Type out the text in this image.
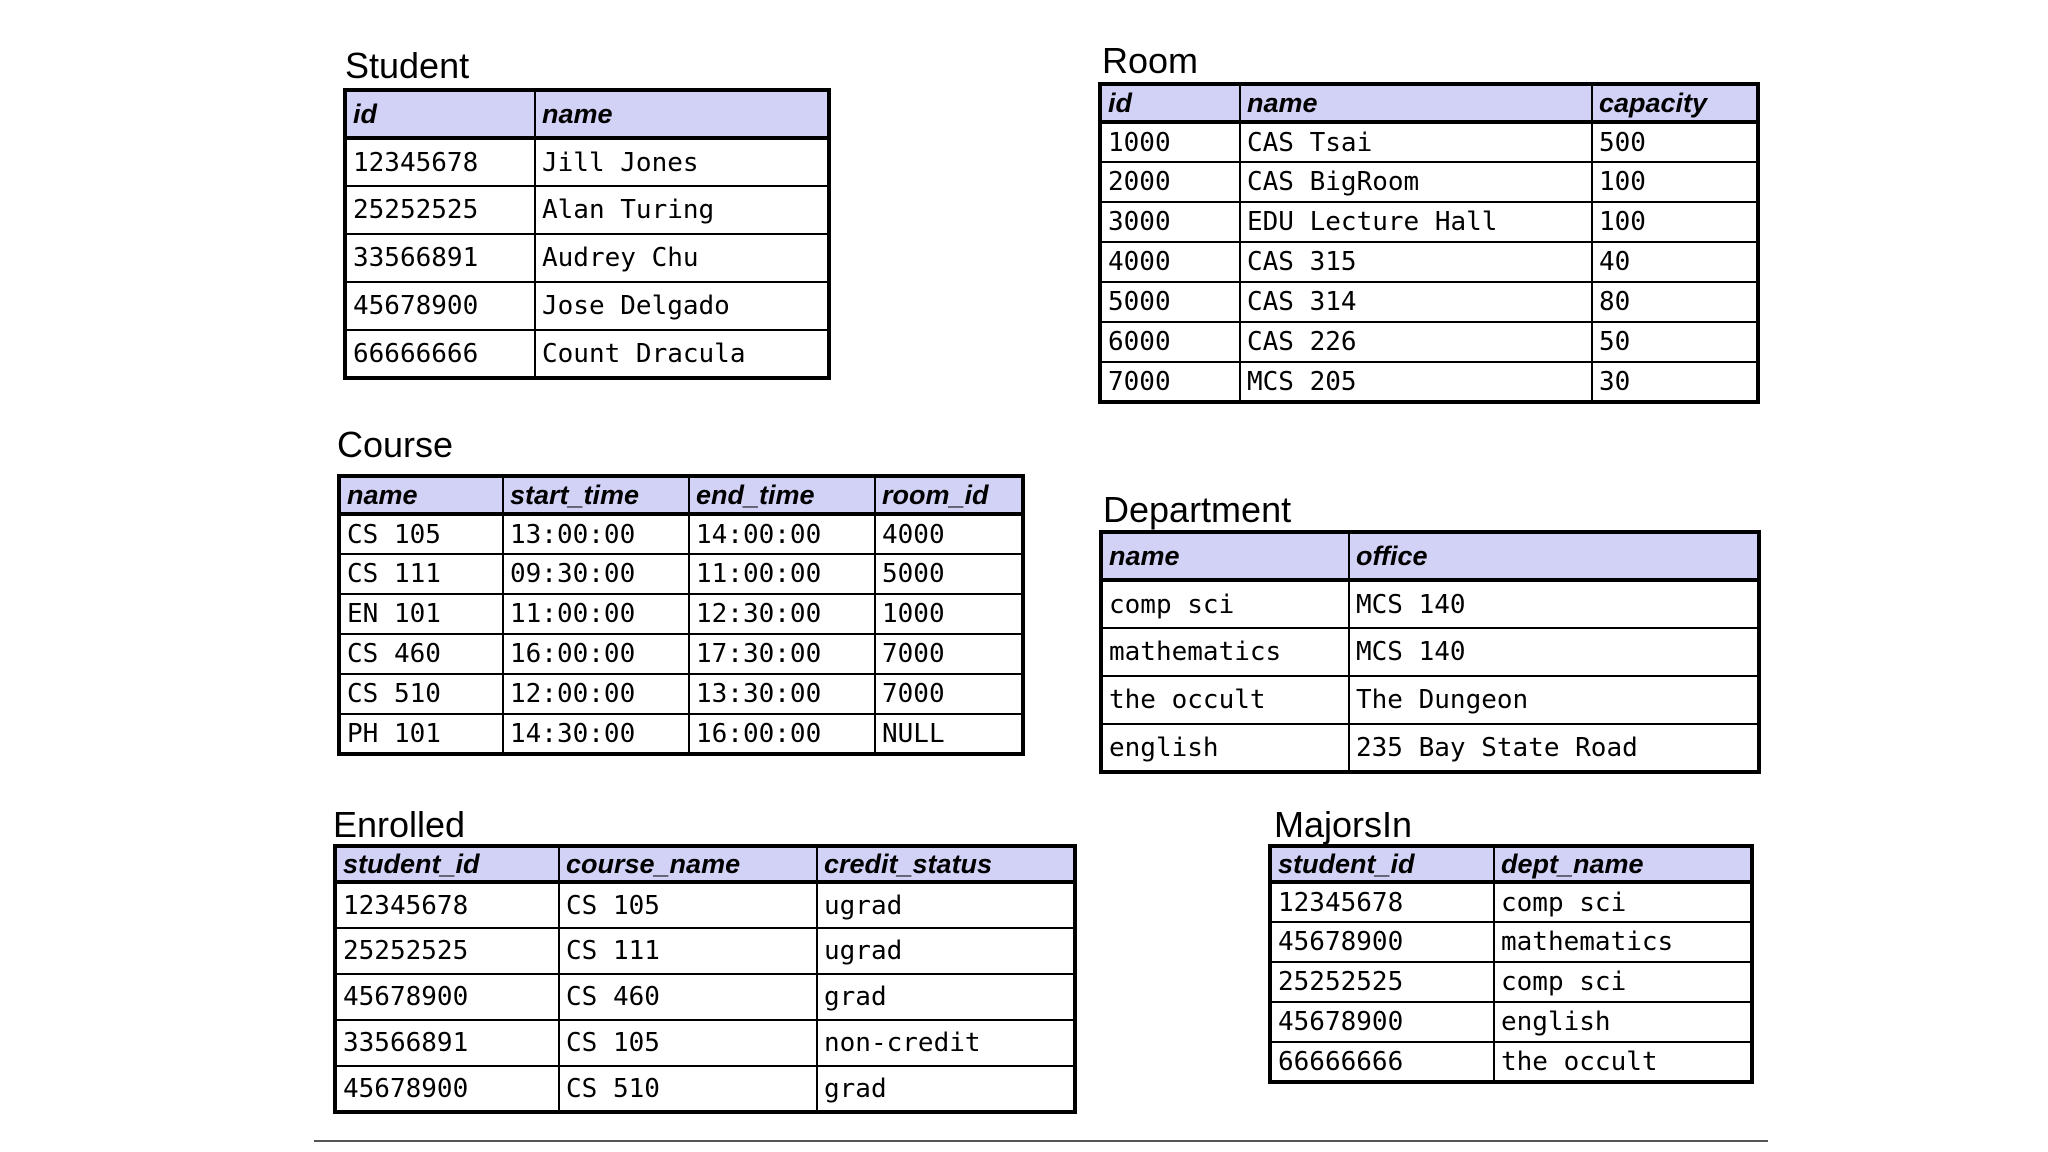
Student
id	name
12345678	Jill Jones
25252525	Alan Turing
33566891	Audrey Chu
45678900	Jose Delgado
66666666	Count Dracula
Room
id	name	capacity
1000	CAS Tsai	500
2000	CAS BigRoom	100
3000	EDU Lecture Hall	100
4000	CAS 315	40
5000	CAS 314	80
6000	CAS 226	50
7000	MCS 205	30
Course
name	start_time	end_time	room_id
CS 105	13:00:00	14:00:00	4000
CS 111	09:30:00	11:00:00	5000
EN 101	11:00:00	12:30:00	1000
CS 460	16:00:00	17:30:00	7000
CS 510	12:00:00	13:30:00	7000
PH 101	14:30:00	16:00:00	NULL
Department
name	office
comp sci	MCS 140
mathematics	MCS 140
the occult	The Dungeon
english	235 Bay State Road
Enrolled
student_id	course_name	credit_status
12345678	CS 105	ugrad
25252525	CS 111	ugrad
45678900	CS 460	grad
33566891	CS 105	non-credit
45678900	CS 510	grad
MajorsIn
student_id	dept_name
12345678	comp sci
45678900	mathematics
25252525	comp sci
45678900	english
66666666	the occult
